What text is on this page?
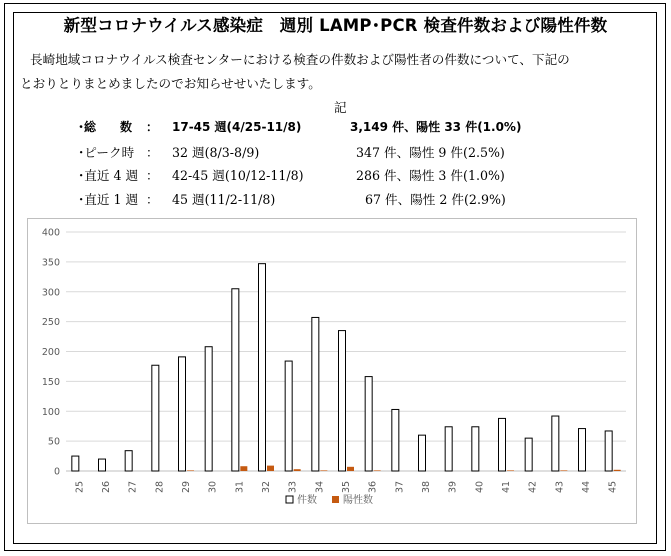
新型コロナウイルス感染症　週別 LAMP･PCR 検査件数および陽性件数
長崎地域コロナウイルス検査センターにおける検査の件数および陽性者の件数について、下記の
とおりとりまとめましたのでお知らせせいたします。
記
･総　　数 ： 17-45 週(4/25-11/8)	3,149 件、陽性 33 件(1.0%)
･ピーク時 ： 32 週(8/3-8/9)	347 件、陽性 9 件(2.5%)
･直近 4 週 ： 42-45 週(10/12-11/8)	286 件、陽性 3 件(1.0%)
･直近 1 週 ： 45 週(11/2-11/8)	67 件、陽性 2 件(2.9%)
0
50
100
150
200
250
300
350
400
25 26 27 28 29 30 31 32 33 34 35 36 37 38 39 40 41 42 43 44 45
件数	陽性数
